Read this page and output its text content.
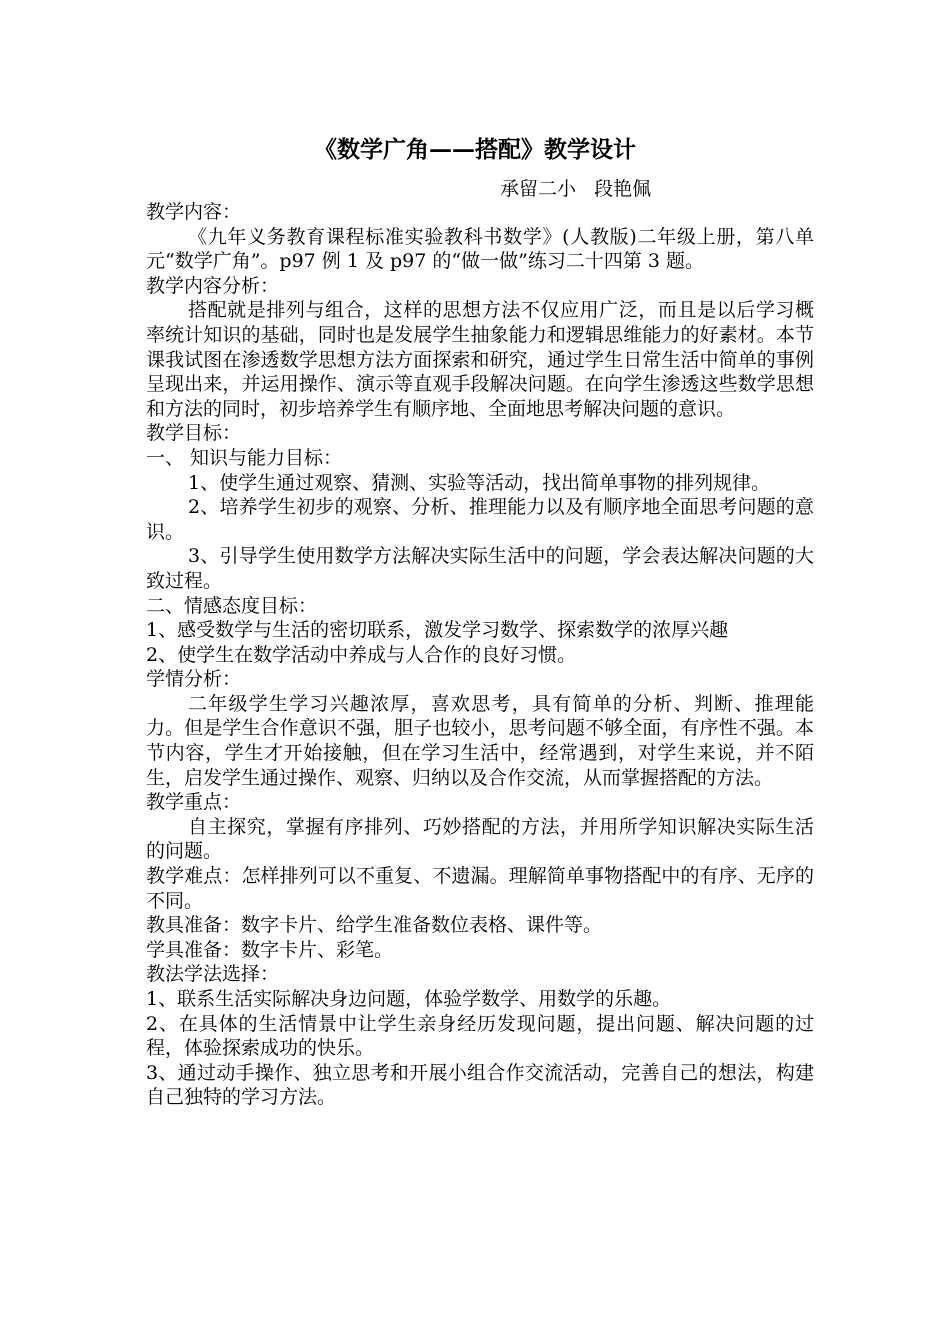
《数学广角——搭配》教学设计
承留二小   段艳佩

教学内容：

《九年义务教育课程标准实验教科书数学》(人教版)二年级上册，第八单元“数学广角”。p97 例 1 及 p97 的“做一做”练习二十四第 3 题。

教学内容分析：

搭配就是排列与组合，这样的思想方法不仅应用广泛，而且是以后学习概率统计知识的基础，同时也是发展学生抽象能力和逻辑思维能力的好素材。本节课我试图在渗透数学思想方法方面探索和研究，通过学生日常生活中简单的事例呈现出来，并运用操作、演示等直观手段解决问题。在向学生渗透这些数学思想和方法的同时，初步培养学生有顺序地、全面地思考解决问题的意识。

教学目标：

一、 知识与能力目标：

1、使学生通过观察、猜测、实验等活动，找出简单事物的排列规律。

2、培养学生初步的观察、分析、推理能力以及有顺序地全面思考问题的意识。

3、引导学生使用数学方法解决实际生活中的问题，学会表达解决问题的大致过程。

二、情感态度目标：

1、感受数学与生活的密切联系，激发学习数学、探索数学的浓厚兴趣

2、使学生在数学活动中养成与人合作的良好习惯。

学情分析：

二年级学生学习兴趣浓厚，喜欢思考，具有简单的分析、判断、推理能力。但是学生合作意识不强，胆子也较小，思考问题不够全面，有序性不强。本节内容，学生才开始接触，但在学习生活中，经常遇到，对学生来说，并不陌生，启发学生通过操作、观察、归纳以及合作交流，从而掌握搭配的方法。

教学重点：

自主探究，掌握有序排列、巧妙搭配的方法，并用所学知识解决实际生活的问题。

教学难点：怎样排列可以不重复、不遗漏。理解简单事物搭配中的有序、无序的不同。

教具准备：数字卡片、给学生准备数位表格、课件等。

学具准备：数字卡片、彩笔。

教法学法选择：

1、联系生活实际解决身边问题，体验学数学、用数学的乐趣。

2、在具体的生活情景中让学生亲身经历发现问题，提出问题、解决问题的过程，体验探索成功的快乐。

3、通过动手操作、独立思考和开展小组合作交流活动，完善自己的想法，构建自己独特的学习方法。
